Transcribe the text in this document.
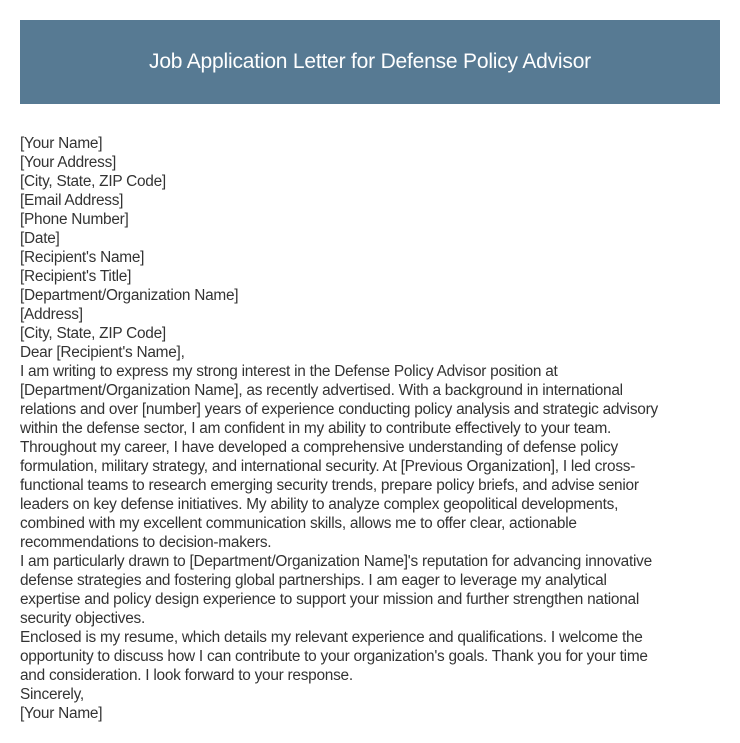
Job Application Letter for Defense Policy Advisor
[Your Name]
[Your Address]
[City, State, ZIP Code]
[Email Address]
[Phone Number]
[Date]
[Recipient's Name]
[Recipient's Title]
[Department/Organization Name]
[Address]
[City, State, ZIP Code]
Dear [Recipient's Name],
I am writing to express my strong interest in the Defense Policy Advisor position at
[Department/Organization Name], as recently advertised. With a background in international
relations and over [number] years of experience conducting policy analysis and strategic advisory
within the defense sector, I am confident in my ability to contribute effectively to your team.
Throughout my career, I have developed a comprehensive understanding of defense policy
formulation, military strategy, and international security. At [Previous Organization], I led cross-
functional teams to research emerging security trends, prepare policy briefs, and advise senior
leaders on key defense initiatives. My ability to analyze complex geopolitical developments,
combined with my excellent communication skills, allows me to offer clear, actionable
recommendations to decision-makers.
I am particularly drawn to [Department/Organization Name]'s reputation for advancing innovative
defense strategies and fostering global partnerships. I am eager to leverage my analytical
expertise and policy design experience to support your mission and further strengthen national
security objectives.
Enclosed is my resume, which details my relevant experience and qualifications. I welcome the
opportunity to discuss how I can contribute to your organization's goals. Thank you for your time
and consideration. I look forward to your response.
Sincerely,
[Your Name]
